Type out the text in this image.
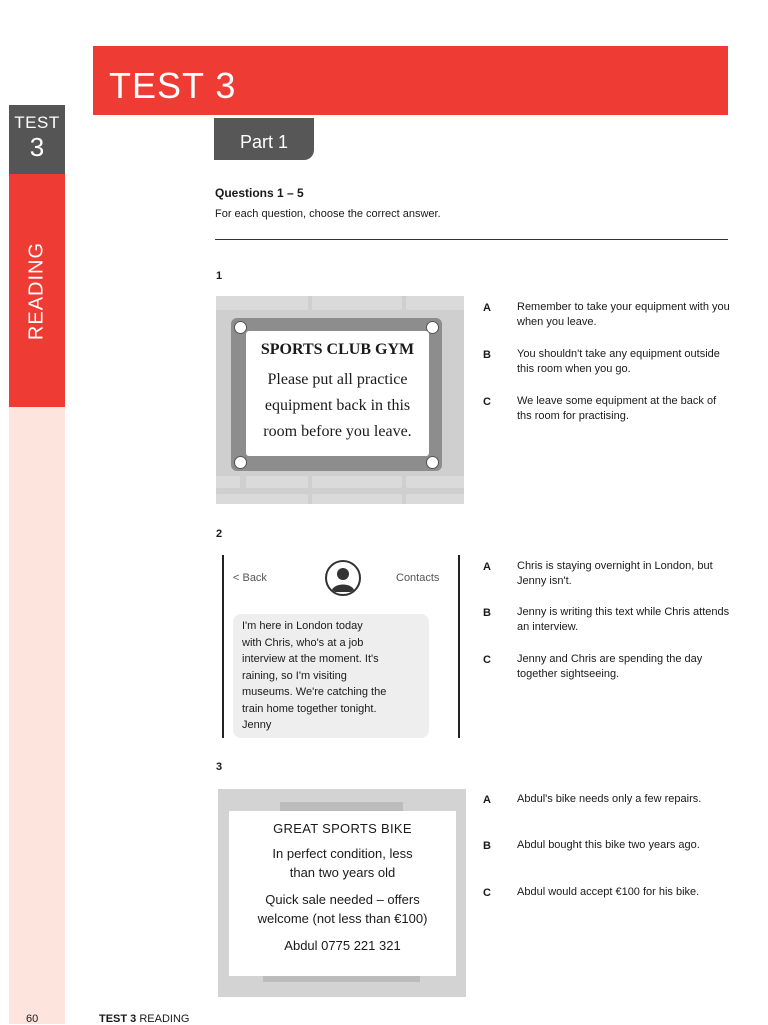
TEST
3
READING
TEST 3
Part 1
Questions 1 – 5
For each question, choose the correct answer.
1
SPORTS CLUB GYM
Please put all practice
equipment back in this
room before you leave.
A Remember to take your equipment with you when you leave.
B You shouldn't take any equipment outside this room when you go.
C We leave some equipment at the back of ths room for practising.
2
< Back	Contacts
I'm here in London today
with Chris, who's at a job
interview at the moment. It's
raining, so I'm visiting
museums. We're catching the
train home together tonight.
Jenny
A Chris is staying overnight in London, but Jenny isn't.
B Jenny is writing this text while Chris attends an interview.
C Jenny and Chris are spending the day together sightseeing.
3
GREAT SPORTS BIKE
In perfect condition, less
than two years old
Quick sale needed – offers
welcome (not less than €100)
Abdul 0775 221 321
A Abdul's bike needs only a few repairs.
B Abdul bought this bike two years ago.
C Abdul would accept €100 for his bike.
60	TEST 3 READING
